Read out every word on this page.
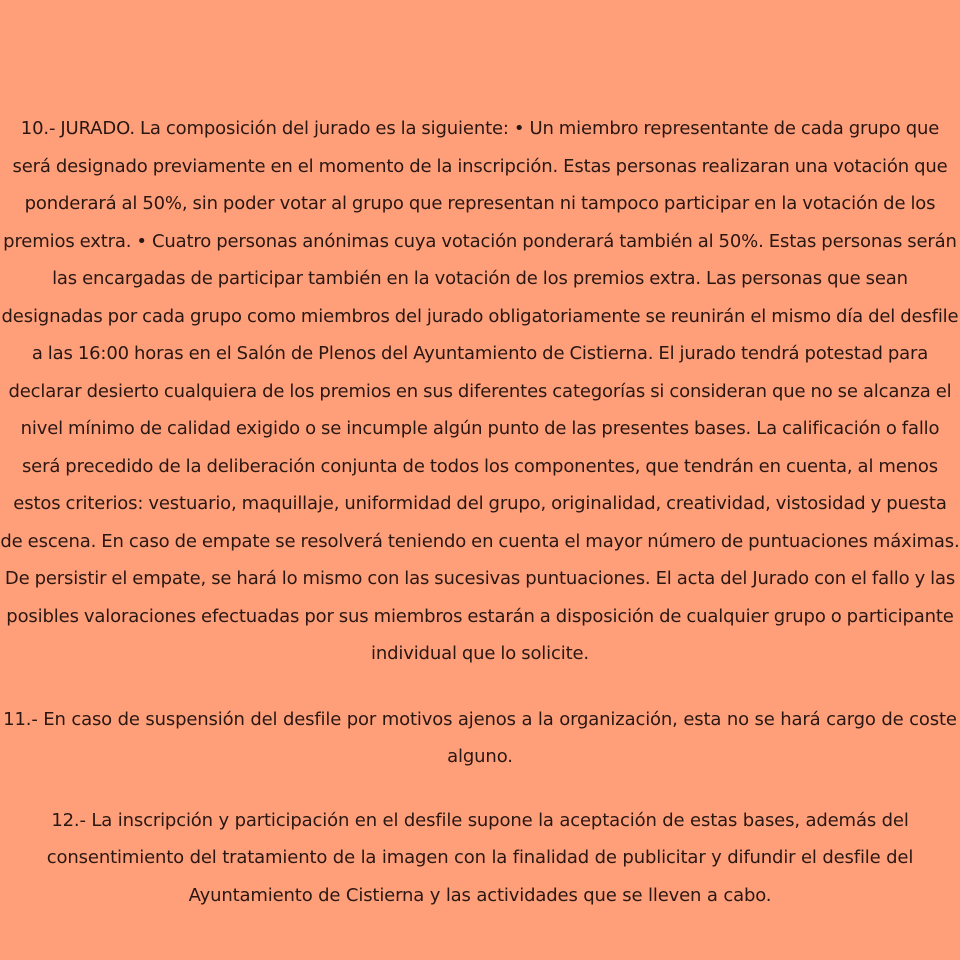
10.- JURADO. La composición del jurado es la siguiente: • Un miembro representante de cada grupo que será designado previamente en el momento de la inscripción. Estas personas realizaran una votación que ponderará al 50%, sin poder votar al grupo que representan ni tampoco participar en la votación de los premios extra. • Cuatro personas anónimas cuya votación ponderará también al 50%. Estas personas serán las encargadas de participar también en la votación de los premios extra. Las personas que sean designadas por cada grupo como miembros del jurado obligatoriamente se reunirán el mismo día del desfile a las 16:00 horas en el Salón de Plenos del Ayuntamiento de Cistierna. El jurado tendrá potestad para declarar desierto cualquiera de los premios en sus diferentes categorías si consideran que no se alcanza el nivel mínimo de calidad exigido o se incumple algún punto de las presentes bases. La calificación o fallo será precedido de la deliberación conjunta de todos los componentes, que tendrán en cuenta, al menos estos criterios: vestuario, maquillaje, uniformidad del grupo, originalidad, creatividad, vistosidad y puesta de escena. En caso de empate se resolverá teniendo en cuenta el mayor número de puntuaciones máximas. De persistir el empate, se hará lo mismo con las sucesivas puntuaciones. El acta del Jurado con el fallo y las posibles valoraciones efectuadas por sus miembros estarán a disposición de cualquier grupo o participante individual que lo solicite.

11.- En caso de suspensión del desfile por motivos ajenos a la organización, esta no se hará cargo de coste alguno.

12.- La inscripción y participación en el desfile supone la aceptación de estas bases, además del consentimiento del tratamiento de la imagen con la finalidad de publicitar y difundir el desfile del Ayuntamiento de Cistierna y las actividades que se lleven a cabo.
